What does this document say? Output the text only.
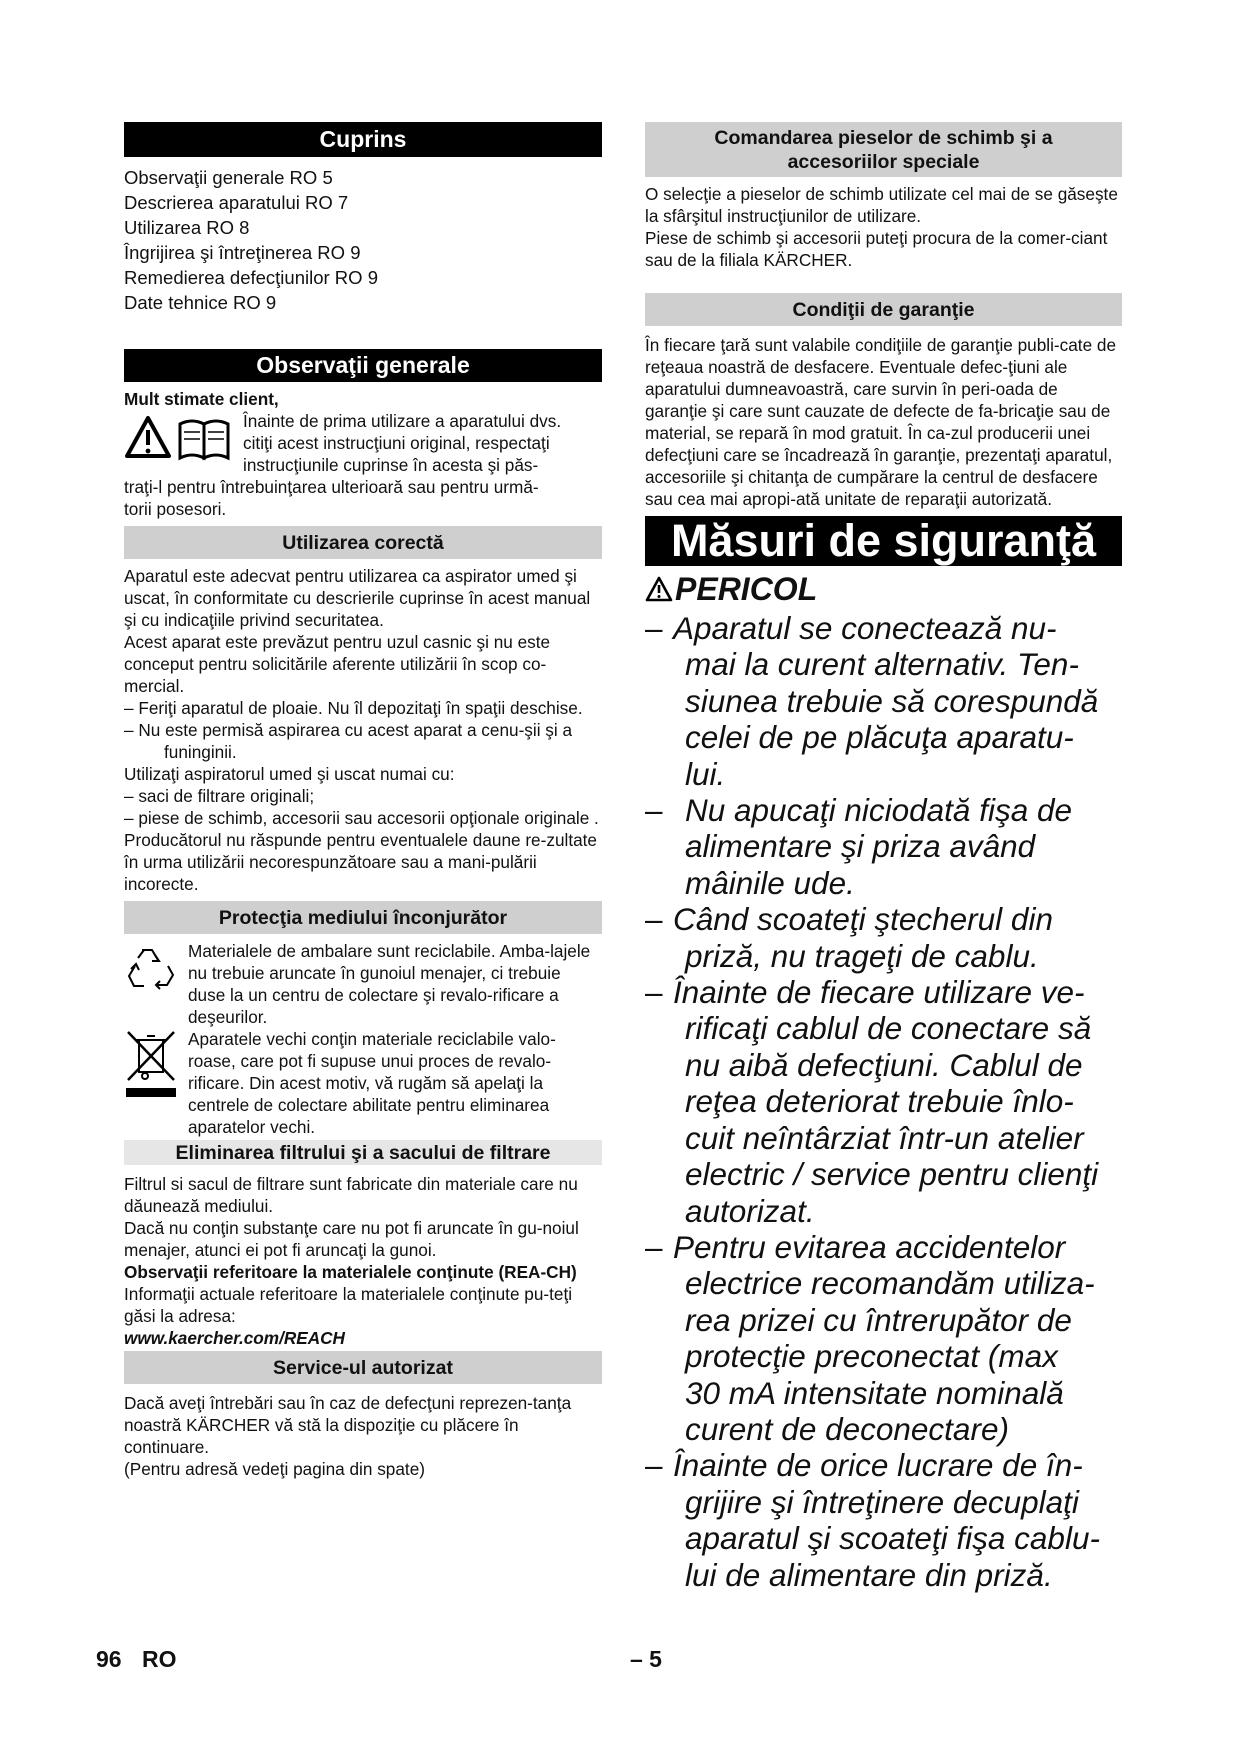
Cuprins

Observaţii generale RO 5

Descrierea aparatului RO 7

Utilizarea RO 8

Îngrijirea şi întreţinerea RO 9

Remedierea defecţiunilor RO 9

Date tehnice RO 9

Observaţii generale

Mult stimate client,

Înainte de prima utilizare a aparatului dvs.

citiţi acest instrucţiuni original, respectaţi

instrucţiunile cuprinse în acesta şi păs-

traţi-l pentru întrebuinţarea ulterioară sau pentru urmă-

torii posesori.

Utilizarea corectă

Aparatul este adecvat pentru utilizarea ca aspirator umed şi uscat, în conformitate cu descrierile cuprinse în acest manual şi cu indicaţiile privind securitatea.

Acest aparat este prevăzut pentru uzul casnic şi nu este conceput pentru solicitările aferente utilizării în scop co-mercial.

– Feriţi aparatul de ploaie. Nu îl depozitaţi în spaţii deschise.

– Nu este permisă aspirarea cu acest aparat a cenu-şii şi a funinginii.

Utilizaţi aspiratorul umed şi uscat numai cu:

– saci de filtrare originali;

– piese de schimb, accesorii sau accesorii opţionale originale .

Producătorul nu răspunde pentru eventualele daune re-zultate în urma utilizării necorespunzătoare sau a mani-pulării incorecte.

Protecţia mediului înconjurător

Materialele de ambalare sunt reciclabile. Amba-lajele nu trebuie aruncate în gunoiul menajer, ci trebuie duse la un centru de colectare şi revalo-rificare a deşeurilor.

Aparatele vechi conţin materiale reciclabile valo-roase, care pot fi supuse unui proces de revalo-rificare. Din acest motiv, vă rugăm să apelaţi la centrele de colectare abilitate pentru eliminarea aparatelor vechi.

Eliminarea filtrului şi a sacului de filtrare

Filtrul si sacul de filtrare sunt fabricate din materiale care nu dăunează mediului.

Dacă nu conţin substanţe care nu pot fi aruncate în gu-noiul menajer, atunci ei pot fi aruncaţi la gunoi.

Observaţii referitoare la materialele conţinute (REA-CH)

Informaţii actuale referitoare la materialele conţinute pu-teţi găsi la adresa:

www.kaercher.com/REACH

Service-ul autorizat

Dacă aveţi întrebări sau în caz de defecţuni reprezen-tanţa noastră KÄRCHER vă stă la dispoziţie cu plăcere în continuare.

(Pentru adresă vedeţi pagina din spate)

Comandarea pieselor de schimb şi a
accesoriilor speciale

O selecţie a pieselor de schimb utilizate cel mai de se găseşte la sfârşitul instrucţiunilor de utilizare.

Piese de schimb şi accesorii puteţi procura de la comer-ciant sau de la filiala KÄRCHER.

Condiţii de garanţie

În fiecare ţară sunt valabile condiţiile de garanţie publi-cate de reţeaua noastră de desfacere. Eventuale defec-ţiuni ale aparatului dumneavoastră, care survin în peri-oada de garanţie şi care sunt cauzate de defecte de fa-bricaţie sau de material, se repară în mod gratuit. În ca-zul producerii unei defecţiuni care se încadrează în garanţie, prezentaţi aparatul, accesoriile şi chitanţa de cumpărare la centrul de desfacere sau cea mai apropi-ată unitate de reparaţii autorizată.

Măsuri de siguranţă
PERICOL

– Aparatul se conectează nu-

mai la curent alternativ. Ten-

siunea trebuie să corespundă

celei de pe plăcuţa aparatu-

lui.

– Nu apucaţi niciodată fişa de

alimentare şi priza având

mâinile ude.

– Când scoateţi ştecherul din

priză, nu trageţi de cablu.

– Înainte de fiecare utilizare ve-

rificaţi cablul de conectare să

nu aibă defecţiuni. Cablul de

reţea deteriorat trebuie înlo-

cuit neîntârziat într-un atelier

electric / service pentru clienţi

autorizat.

– Pentru evitarea accidentelor

electrice recomandăm utiliza-

rea prizei cu întrerupător de

protecţie preconectat (max

30 mA intensitate nominală

curent de deconectare)

– Înainte de orice lucrare de în-

grijire şi întreţinere decuplaţi

aparatul şi scoateţi fişa cablu-

lui de alimentare din priză.

96 RO	– 5
